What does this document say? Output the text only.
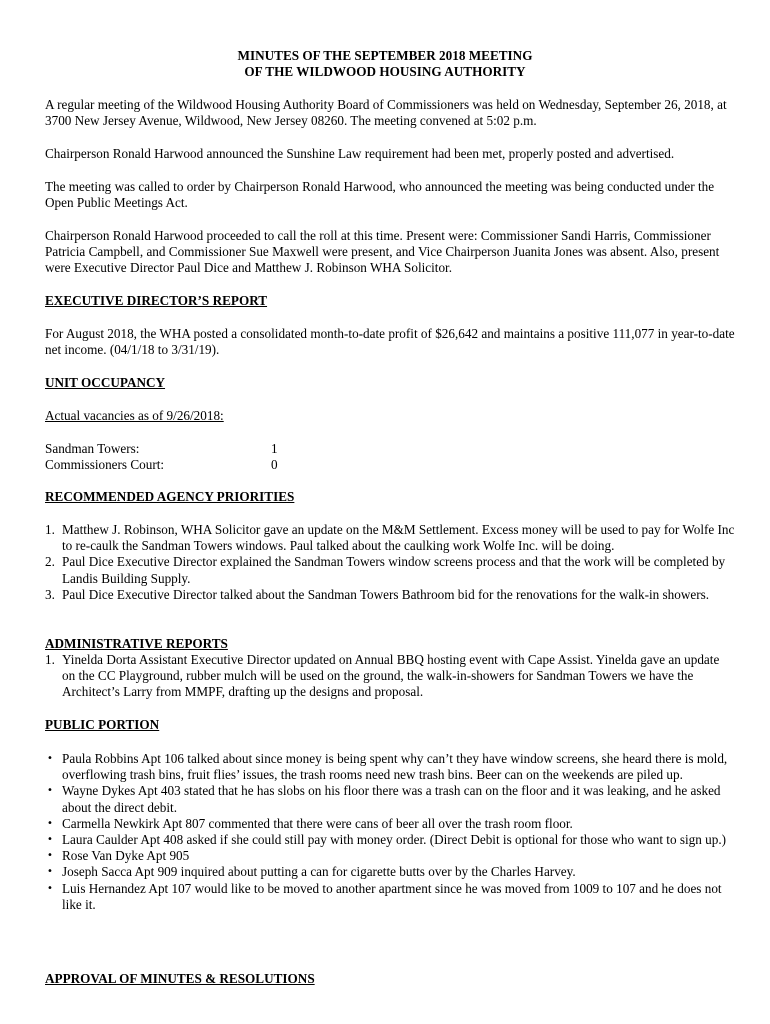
MINUTES OF THE SEPTEMBER 2018 MEETING
OF THE WILDWOOD HOUSING AUTHORITY

A regular meeting of the Wildwood Housing Authority Board of Commissioners was held on Wednesday, September 26, 2018, at 3700 New Jersey Avenue, Wildwood, New Jersey 08260. The meeting convened at 5:02 p.m.

Chairperson Ronald Harwood announced the Sunshine Law requirement had been met, properly posted and advertised.

The meeting was called to order by Chairperson Ronald Harwood, who announced the meeting was being conducted under the Open Public Meetings Act.

Chairperson Ronald Harwood proceeded to call the roll at this time. Present were: Commissioner Sandi Harris, Commissioner Patricia Campbell, and Commissioner Sue Maxwell were present, and Vice Chairperson Juanita Jones was absent. Also, present were Executive Director Paul Dice and Matthew J. Robinson WHA Solicitor.

EXECUTIVE DIRECTOR’S REPORT

For August 2018, the WHA posted a consolidated month-to-date profit of $26,642 and maintains a positive 111,077 in year-to-date net income. (04/1/18 to 3/31/19).

UNIT OCCUPANCY
Actual vacancies as of 9/26/2018:
Sandman Towers:	1
Commissioners Court:	0
RECOMMENDED AGENCY PRIORITIES
1. Matthew J. Robinson, WHA Solicitor gave an update on the M&M Settlement. Excess money will be used to pay for Wolfe Inc to re-caulk the Sandman Towers windows. Paul talked about the caulking work Wolfe Inc. will be doing.
2. Paul Dice Executive Director explained the Sandman Towers window screens process and that the work will be completed by Landis Building Supply.
3. Paul Dice Executive Director talked about the Sandman Towers Bathroom bid for the renovations for the walk-in showers.
ADMINISTRATIVE REPORTS
1. Yinelda Dorta Assistant Executive Director updated on Annual BBQ hosting event with Cape Assist. Yinelda gave an update on the CC Playground, rubber mulch will be used on the ground, the walk-in-showers for Sandman Towers we have the Architect’s Larry from MMPF, drafting up the designs and proposal.
PUBLIC PORTION
• Paula Robbins Apt 106 talked about since money is being spent why can’t they have window screens, she heard there is mold, overflowing trash bins, fruit flies’ issues, the trash rooms need new trash bins. Beer can on the weekends are piled up.
• Wayne Dykes Apt 403 stated that he has slobs on his floor there was a trash can on the floor and it was leaking, and he asked about the direct debit.
• Carmella Newkirk Apt 807 commented that there were cans of beer all over the trash room floor.
• Laura Caulder Apt 408 asked if she could still pay with money order. (Direct Debit is optional for those who want to sign up.)
• Rose Van Dyke Apt 905
• Joseph Sacca Apt 909 inquired about putting a can for cigarette butts over by the Charles Harvey.
• Luis Hernandez Apt 107 would like to be moved to another apartment since he was moved from 1009 to 107 and he does not like it.
APPROVAL OF MINUTES & RESOLUTIONS
